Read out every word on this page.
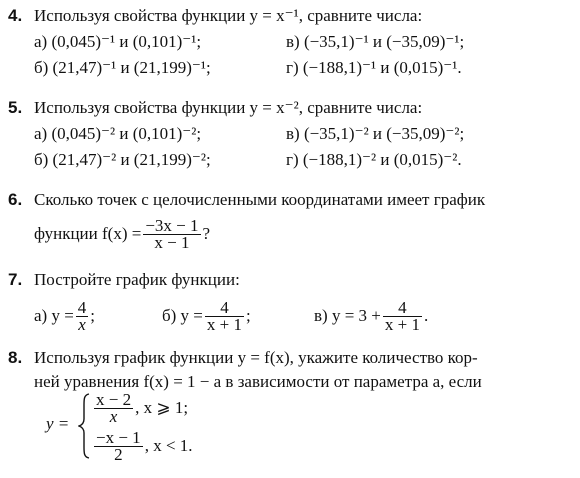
4. Используя свойства функции y = x⁻¹, сравните числа:
а) (0,045)⁻¹ и (0,101)⁻¹;	в) (−35,1)⁻¹ и (−35,09)⁻¹;
б) (21,47)⁻¹ и (21,199)⁻¹;	г) (−188,1)⁻¹ и (0,015)⁻¹.
5. Используя свойства функции y = x⁻², сравните числа:
а) (0,045)⁻² и (0,101)⁻²;	в) (−35,1)⁻² и (−35,09)⁻²;
б) (21,47)⁻² и (21,199)⁻²;	г) (−188,1)⁻² и (0,015)⁻².
6. Сколько точек с целочисленными координатами имеет график
функции $f(x) = \frac{-3x - 1}{x - 1}$ ?
7. Постройте график функции:
а) $y = \frac{4}{x}$ ;	б) $y = \frac{4}{x + 1}$ ;	в) $y = 3 + \frac{4}{x + 1}$ .
8. Используя график функции y = f(x), укажите количество кор-
ней уравнения f(x) = 1 − a в зависимости от параметра a, если
$y = \frac{x - 2}{x}$ , x ⩾ 1;
$\frac{-x - 1}{2}$ , x < 1.
